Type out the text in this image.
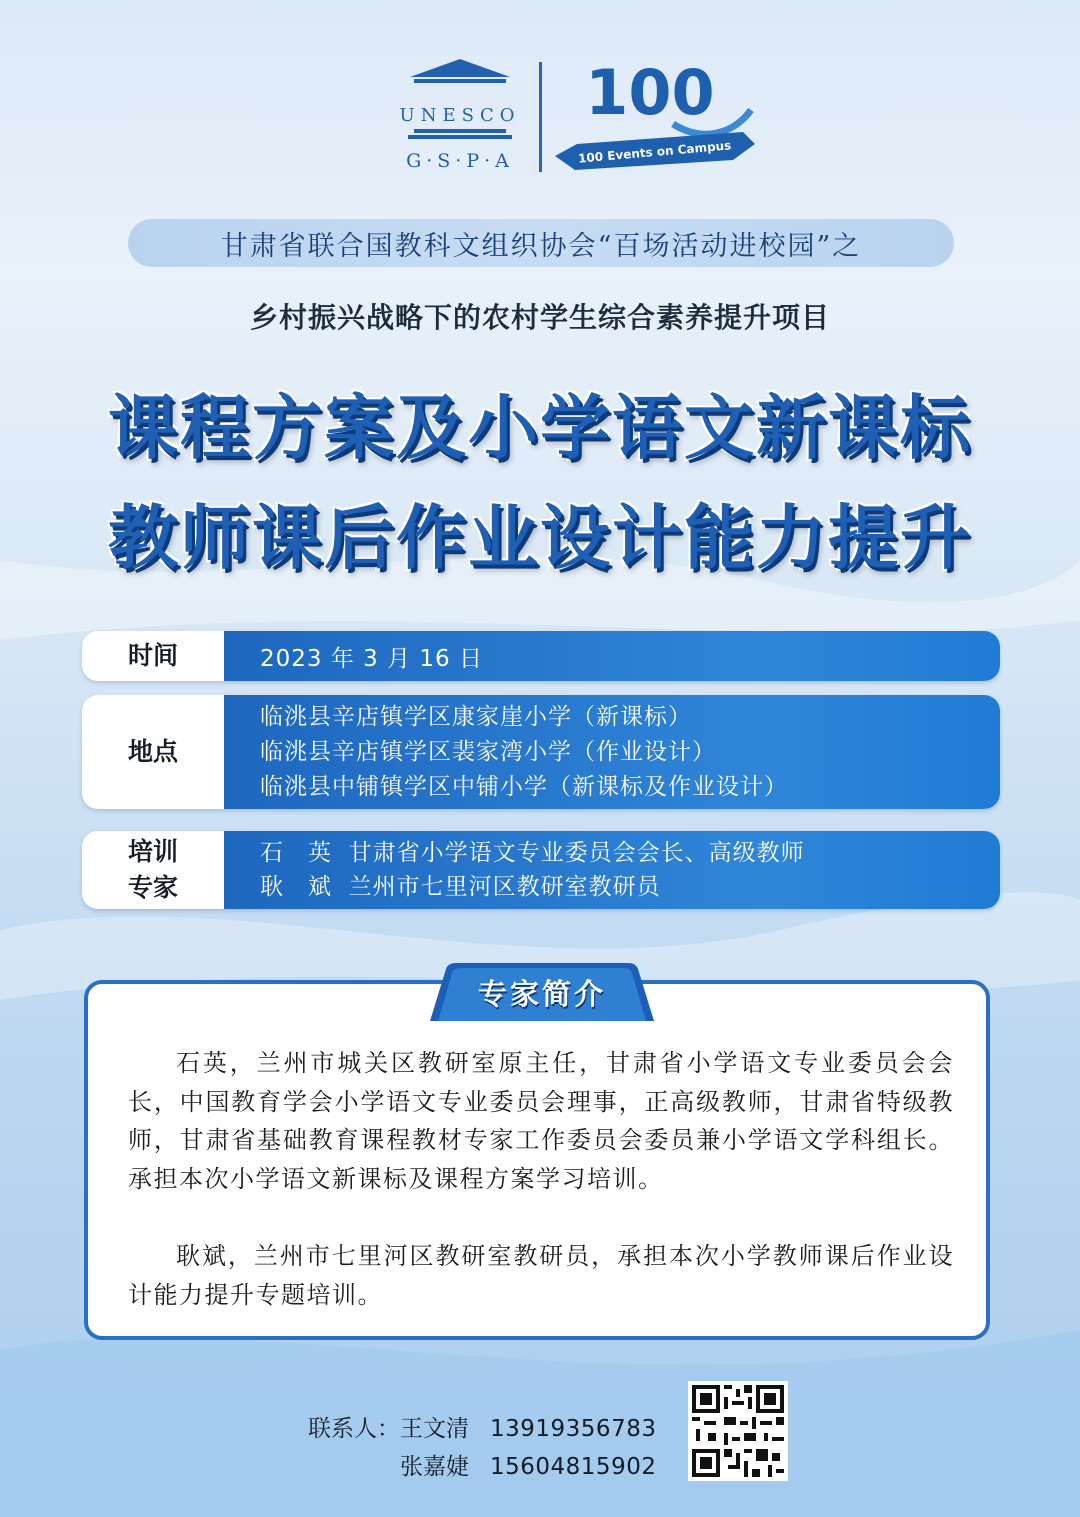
UNESCO
G·S·P·A
100
100 Events on Campus
甘肃省联合国教科文组织协会“百场活动进校园”之
乡村振兴战略下的农村学生综合素养提升项目
课程方案及小学语文新课标
教师课后作业设计能力提升
时间	2023 年 3 月 16 日
地点
临洮县辛店镇学区康家崖小学（新课标）
临洮县辛店镇学区裴家湾小学（作业设计）
临洮县中铺镇学区中铺小学（新课标及作业设计）
培训
专家
石　英  甘肃省小学语文专业委员会会长、高级教师
耿　斌  兰州市七里河区教研室教研员
专家简介

石英，兰州市城关区教研室原主任，甘肃省小学语文专业委员会会长，中国教育学会小学语文专业委员会理事，正高级教师，甘肃省特级教师，甘肃省基础教育课程教材专家工作委员会委员兼小学语文学科组长。承担本次小学语文新课标及课程方案学习培训。

耿斌，兰州市七里河区教研室教研员，承担本次小学教师课后作业设计能力提升专题培训。

联系人： 王文清 13919356783
张嘉婕 15604815902
